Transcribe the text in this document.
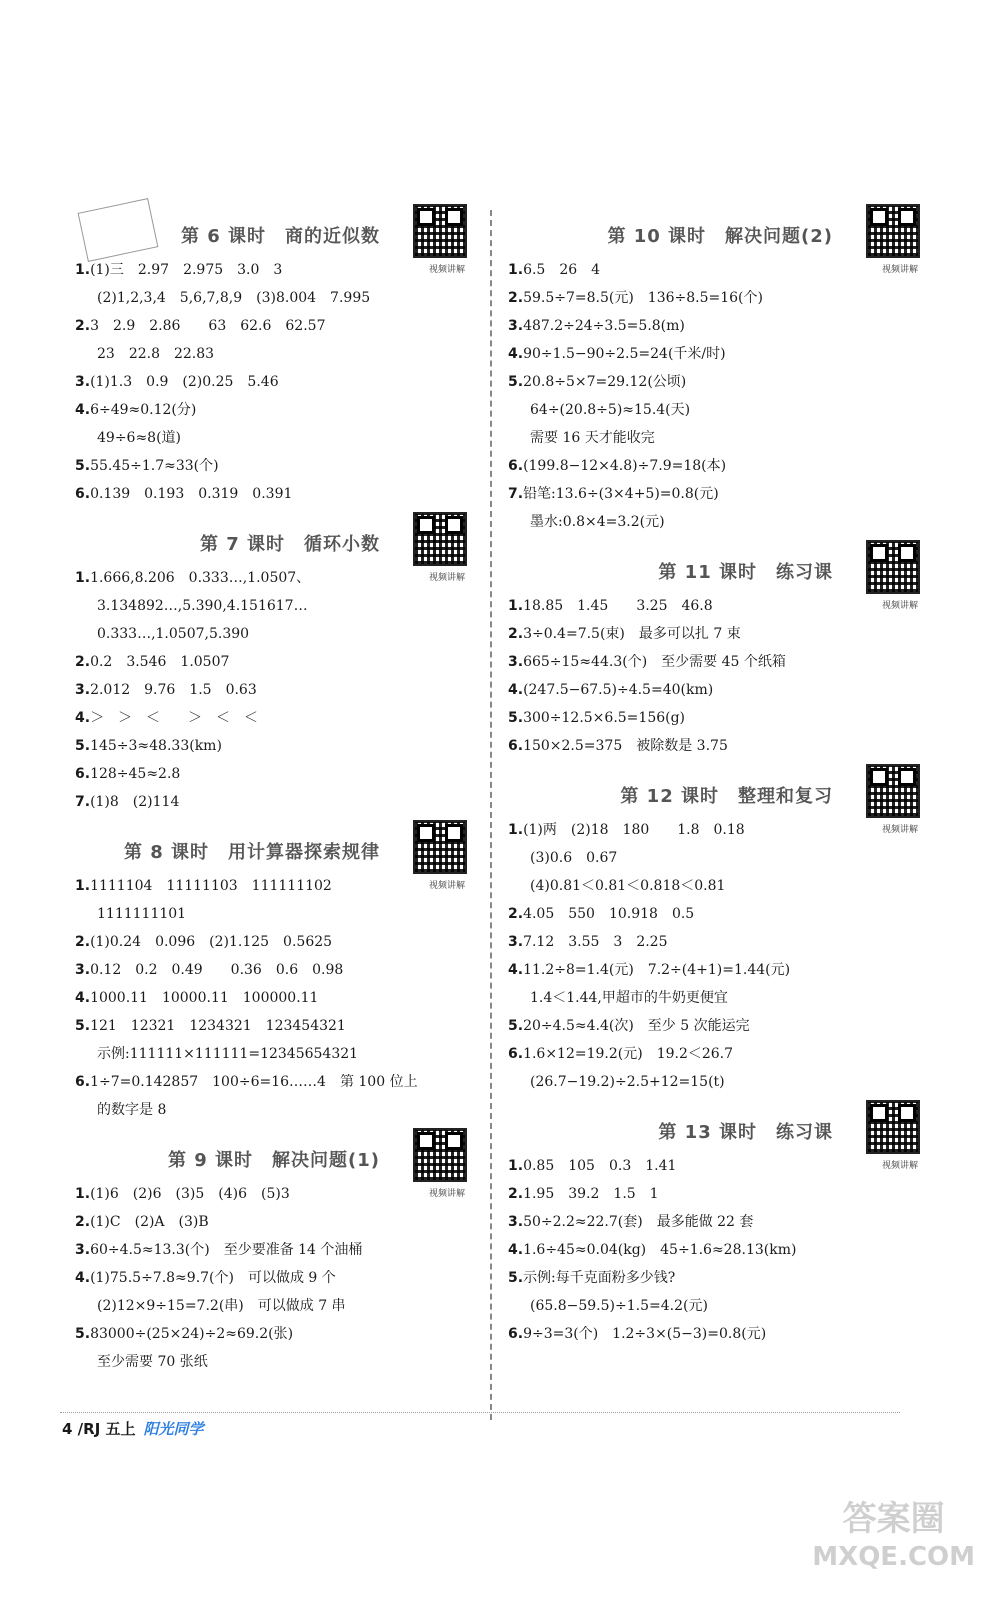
第 6 课时　商的近似数
视频讲解
1.(1)三　2.97　2.975　3.0　3
(2)1,2,3,4　5,6,7,8,9　(3)8.004　7.995
2.3　2.9　2.86　　63　62.6　62.57
23　22.8　22.83
3.(1)1.3　0.9　(2)0.25　5.46
4.6÷49≈0.12(分)
49÷6≈8(道)
5.55.45÷1.7≈33(个)
6.0.139　0.193　0.319　0.391
第 7 课时　循环小数
视频讲解
1.1.666,8.206　0.333…,1.0507、
3.134892…,5.390,4.151617…
0.333…,1.0507,5.390
2.0.2　3.546　1.0507
3.2.012　9.76　1.5　0.63
4.＞　＞　＜　　＞　＜　＜
5.145÷3≈48.33(km)
6.128÷45≈2.8
7.(1)8　(2)114
第 8 课时　用计算器探索规律
视频讲解
1.1111104　11111103　111111102
1111111101
2.(1)0.24　0.096　(2)1.125　0.5625
3.0.12　0.2　0.49　　0.36　0.6　0.98
4.1000.11　10000.11　100000.11
5.121　12321　1234321　123454321
示例:111111×111111=12345654321
6.1÷7=0.142857　100÷6=16……4　第 100 位上
的数字是 8
第 9 课时　解决问题(1)
视频讲解
1.(1)6　(2)6　(3)5　(4)6　(5)3
2.(1)C　(2)A　(3)B
3.60÷4.5≈13.3(个)　至少要准备 14 个油桶
4.(1)75.5÷7.8≈9.7(个)　可以做成 9 个
(2)12×9÷15=7.2(串)　可以做成 7 串
5.83000÷(25×24)÷2≈69.2(张)
至少需要 70 张纸
第 10 课时　解决问题(2)
视频讲解
1.6.5　26　4
2.59.5÷7=8.5(元)　136÷8.5=16(个)
3.487.2÷24÷3.5=5.8(m)
4.90÷1.5−90÷2.5=24(千米/时)
5.20.8÷5×7=29.12(公顷)
64÷(20.8÷5)≈15.4(天)
需要 16 天才能收完
6.(199.8−12×4.8)÷7.9=18(本)
7.铅笔:13.6÷(3×4+5)=0.8(元)
墨水:0.8×4=3.2(元)
第 11 课时　练习课
视频讲解
1.18.85　1.45　　3.25　46.8
2.3÷0.4=7.5(束)　最多可以扎 7 束
3.665÷15≈44.3(个)　至少需要 45 个纸箱
4.(247.5−67.5)÷4.5=40(km)
5.300÷12.5×6.5=156(g)
6.150×2.5=375　被除数是 3.75
第 12 课时　整理和复习
视频讲解
1.(1)两　(2)18　180　　1.8　0.18
(3)0.6　0.67
(4)0.81＜0.81＜0.818＜0.81
2.4.05　550　10.918　0.5
3.7.12　3.55　3　2.25
4.11.2÷8=1.4(元)　7.2÷(4+1)=1.44(元)
1.4＜1.44,甲超市的牛奶更便宜
5.20÷4.5≈4.4(次)　至少 5 次能运完
6.1.6×12=19.2(元)　19.2＜26.7
(26.7−19.2)÷2.5+12=15(t)
第 13 课时　练习课
视频讲解
1.0.85　105　0.3　1.41
2.1.95　39.2　1.5　1
3.50÷2.2≈22.7(套)　最多能做 22 套
4.1.6÷45≈0.04(kg)　45÷1.6≈28.13(km)
5.示例:每千克面粉多少钱?
(65.8−59.5)÷1.5=4.2(元)
6.9÷3=3(个)　1.2÷3×(5−3)=0.8(元)
4 /RJ 五上 阳光同学
答案圈
MXQE.COM
